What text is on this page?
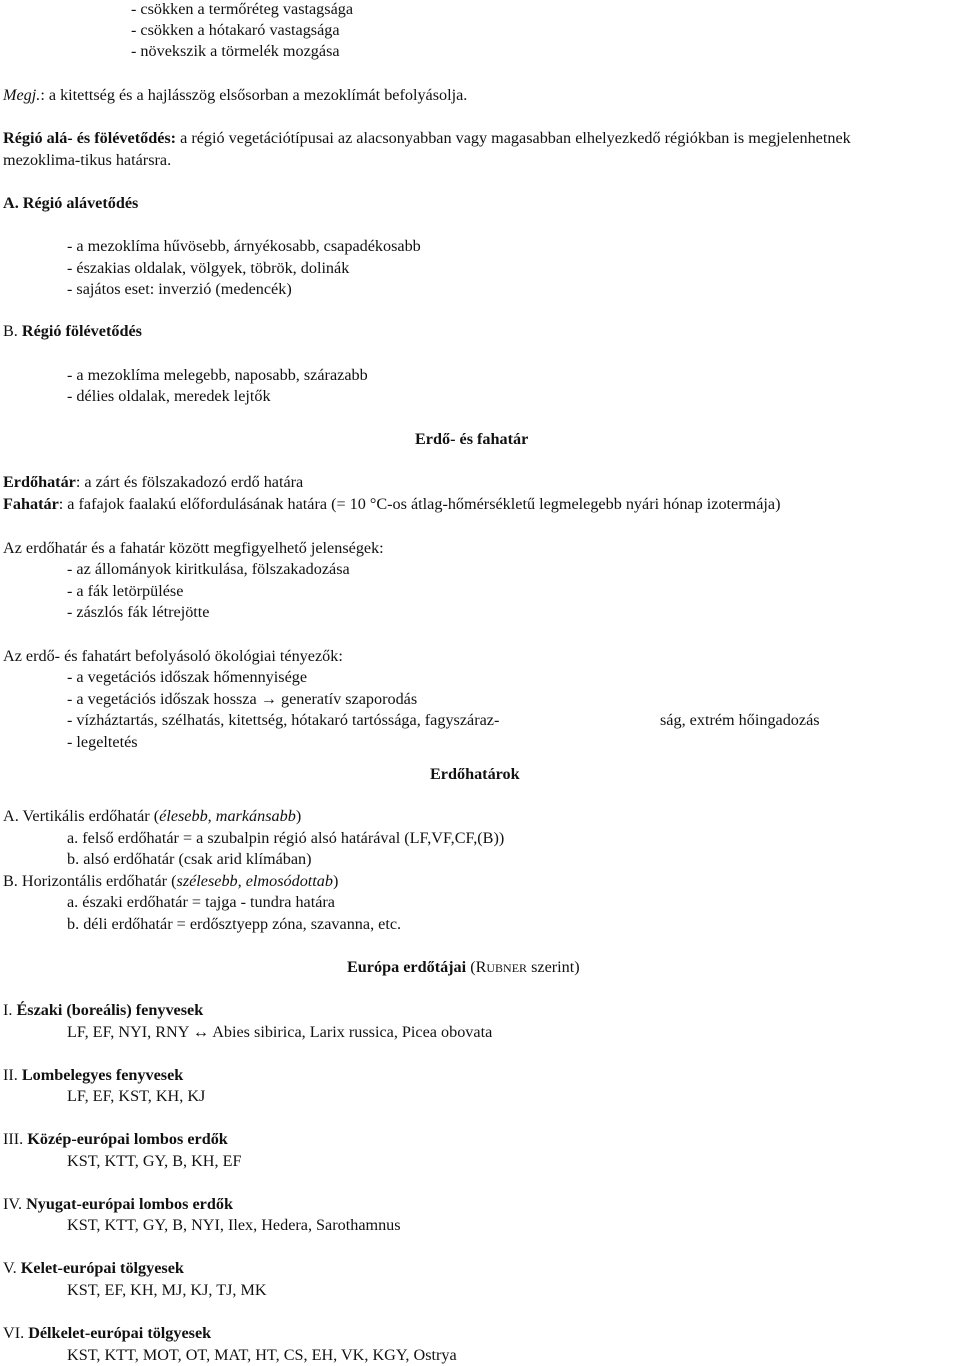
- csökken a termőréteg vastagsága
- csökken a hótakaró vastagsága
- növekszik a törmelék mozgása
Megj.: a kitettség és a hajlásszög elsősorban a mezoklímát befolyásolja.
Régió alá- és fölévetődés: a régió vegetációtípusai az alacsonyabban vagy magasabban elhelyezkedő régiókban is megjelenhetnek
mezoklima-tikus határsra.
A. Régió alávetődés
- a mezoklíma hűvösebb, árnyékosabb, csapadékosabb
- északias oldalak, völgyek, töbrök, dolinák
- sajátos eset: inverzió (medencék)
B. Régió fölévetődés
- a mezoklíma melegebb, naposabb, szárazabb
- délies oldalak, meredek lejtők
Erdő- és fahatár
Erdőhatár: a zárt és fölszakadozó erdő határa
Fahatár: a fafajok faalakú előfordulásának határa (= 10 °C-os átlag-hőmérsékletű legmelegebb nyári hónap izotermája)
Az erdőhatár és a fahatár között megfigyelhető jelenségek:
- az állományok kiritkulása, fölszakadozása
- a fák letörpülése
- zászlós fák létrejötte
Az erdő- és fahatárt befolyásoló ökológiai tényezők:
- a vegetációs időszak hőmennyisége
- a vegetációs időszak hossza → generatív szaporodás
- vízháztartás, szélhatás, kitettség, hótakaró tartóssága, fagyszáraz-	ság, extrém hőingadozás
- legeltetés
Erdőhatárok
A. Vertikális erdőhatár (élesebb, markánsabb)
a. felső erdőhatár = a szubalpin régió alsó határával (LF,VF,CF,(B))
b. alsó erdőhatár (csak arid klímában)
B. Horizontális erdőhatár (szélesebb, elmosódottab)
a. északi erdőhatár = tajga - tundra határa
b. déli erdőhatár = erdősztyepp zóna, szavanna, etc.
Európa erdőtájai (RUBNER szerint)
I. Északi (boreális) fenyvesek
LF, EF, NYI, RNY ↔ Abies sibirica, Larix russica, Picea obovata
II. Lombelegyes fenyvesek
LF, EF, KST, KH, KJ
III. Közép-európai lombos erdők
KST, KTT, GY, B, KH, EF
IV. Nyugat-európai lombos erdők
KST, KTT, GY, B, NYI, Ilex, Hedera, Sarothamnus
V. Kelet-európai tölgyesek
KST, EF, KH, MJ, KJ, TJ, MK
VI. Délkelet-európai tölgyesek
KST, KTT, MOT, OT, MAT, HT, CS, EH, VK, KGY, Ostrya
